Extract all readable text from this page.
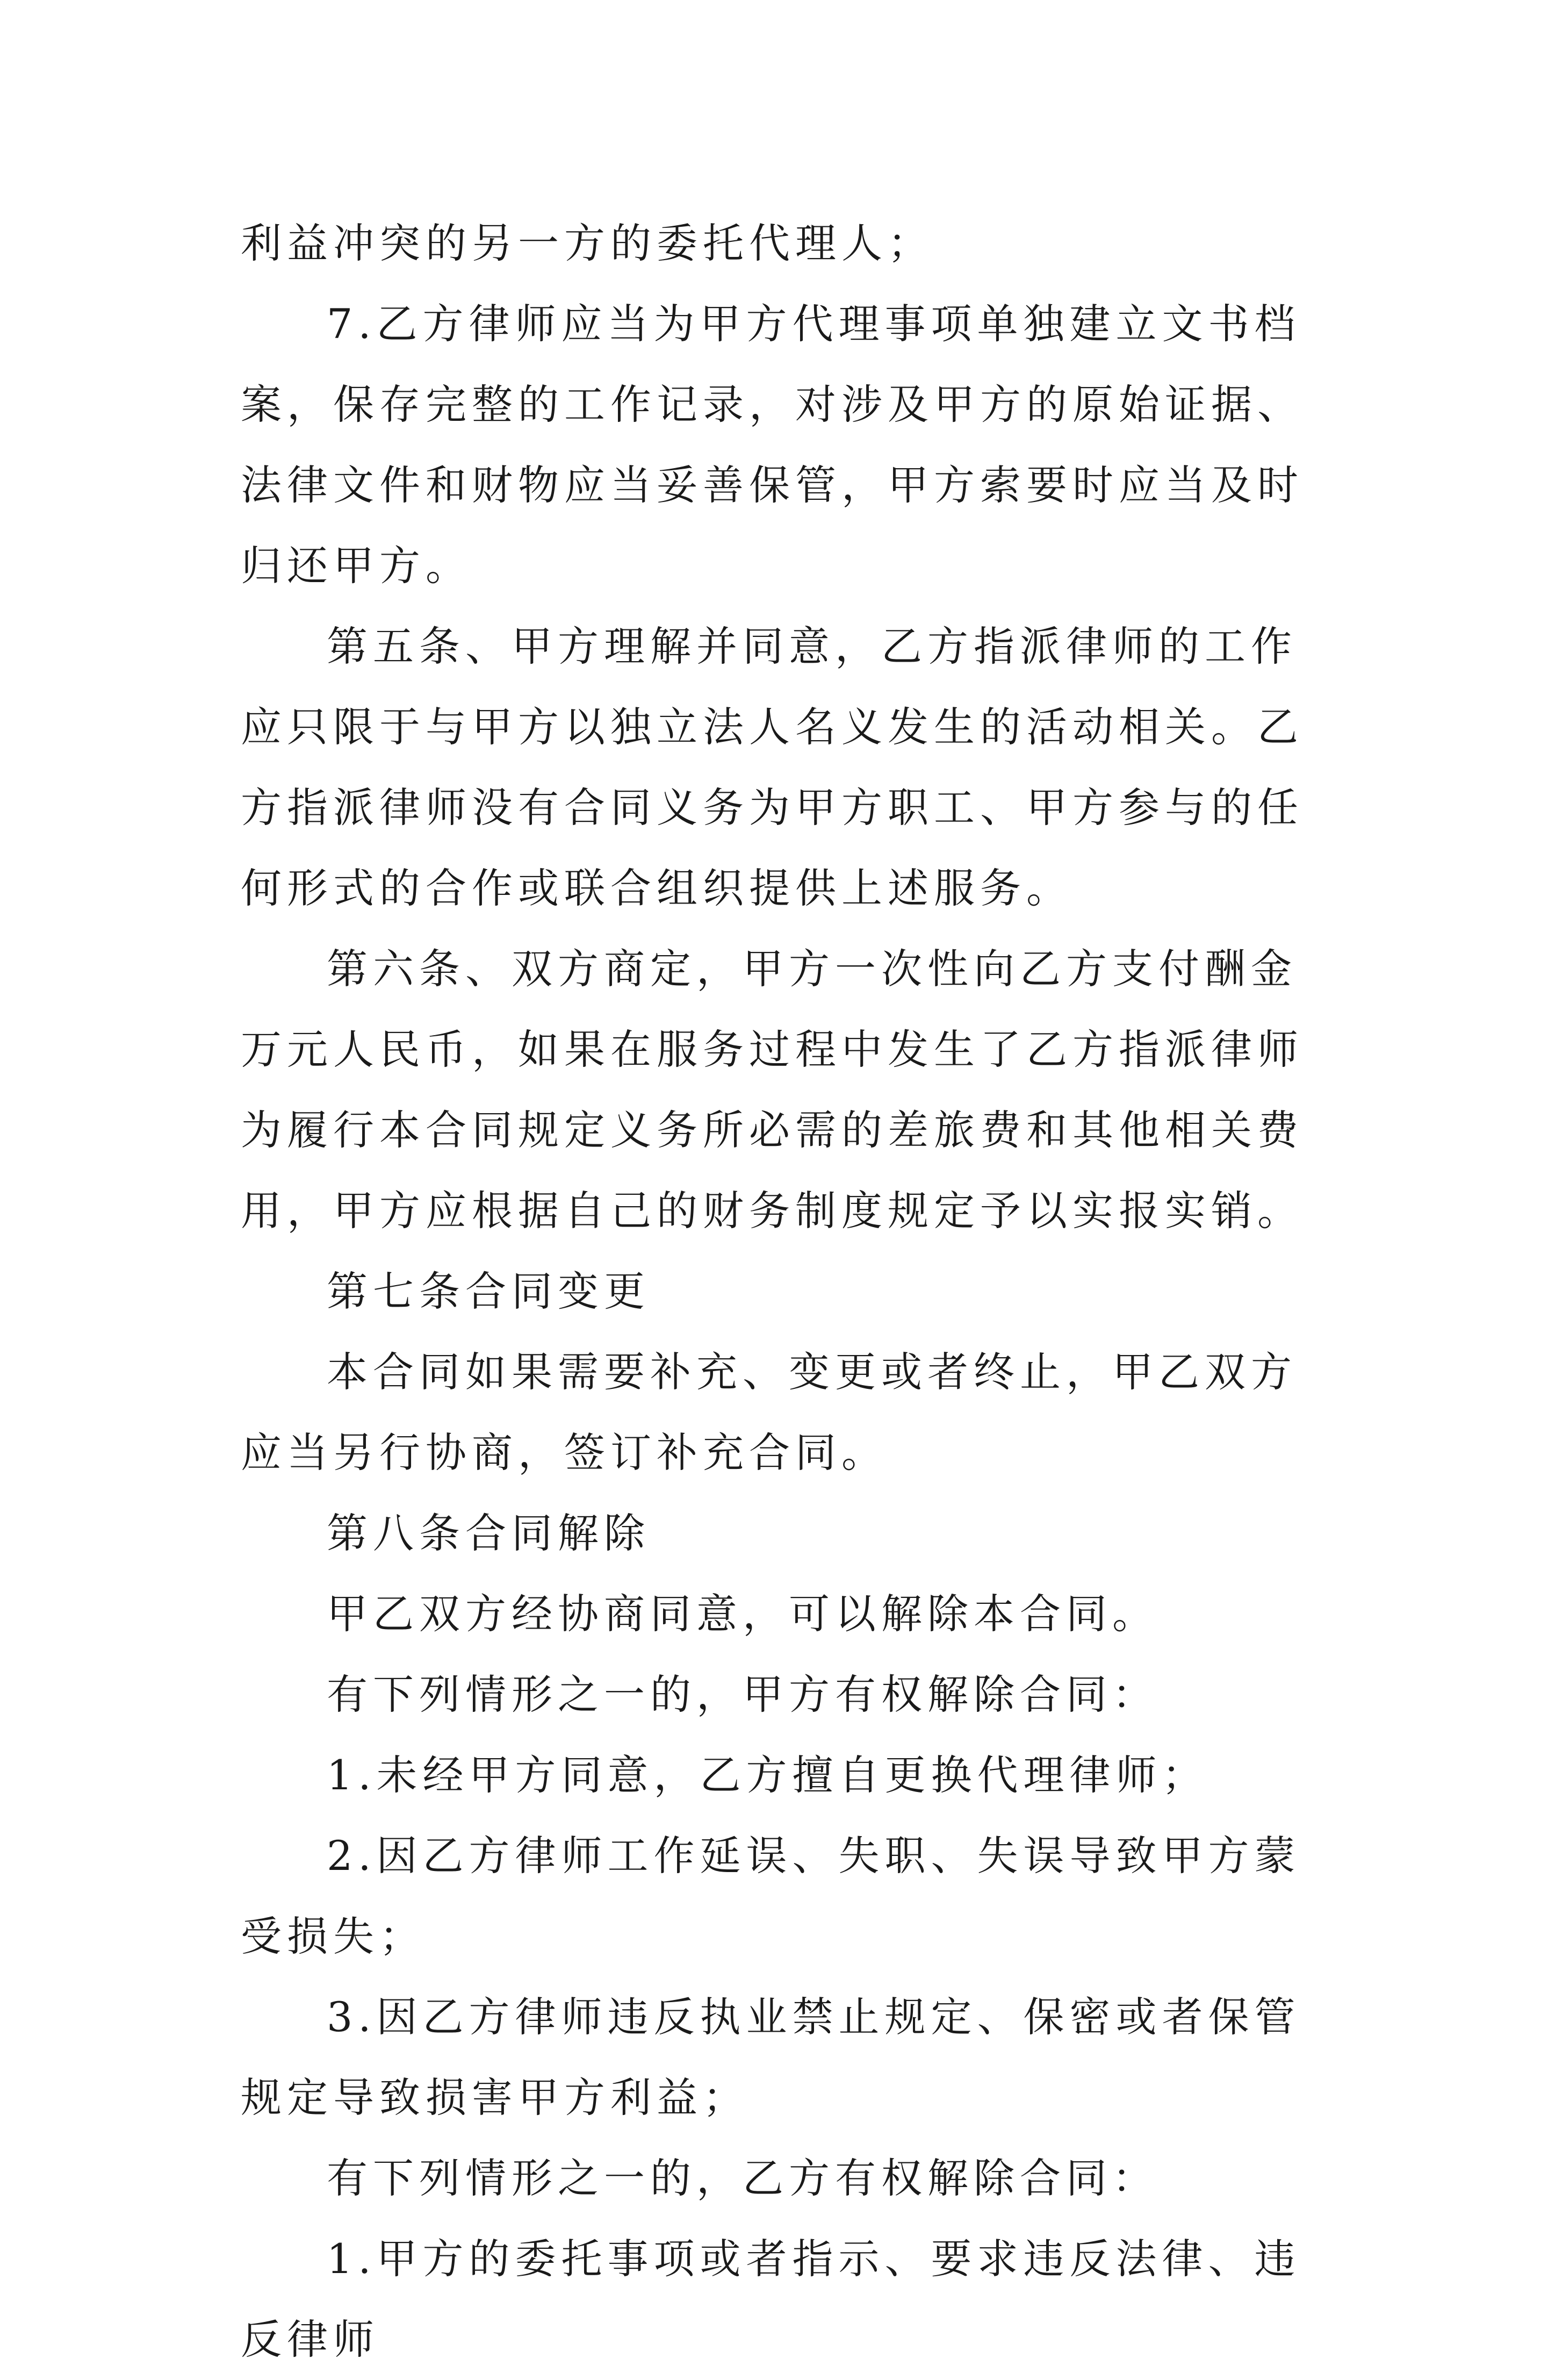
利益冲突的另一方的委托代理人；

7.乙方律师应当为甲方代理事项单独建立文书档案，保存完整的工作记录，对涉及甲方的原始证据、法律文件和财物应当妥善保管，甲方索要时应当及时归还甲方。

第五条、甲方理解并同意，乙方指派律师的工作应只限于与甲方以独立法人名义发生的活动相关。乙方指派律师没有合同义务为甲方职工、甲方参与的任何形式的合作或联合组织提供上述服务。

第六条、双方商定，甲方一次性向乙方支付酬金万元人民币，如果在服务过程中发生了乙方指派律师为履行本合同规定义务所必需的差旅费和其他相关费用，甲方应根据自己的财务制度规定予以实报实销。

第七条合同变更

本合同如果需要补充、变更或者终止，甲乙双方应当另行协商，签订补充合同。

第八条合同解除

甲乙双方经协商同意，可以解除本合同。

有下列情形之一的，甲方有权解除合同：

1.未经甲方同意，乙方擅自更换代理律师；

2.因乙方律师工作延误、失职、失误导致甲方蒙受损失；

3.因乙方律师违反执业禁止规定、保密或者保管规定导致损害甲方利益；

有下列情形之一的，乙方有权解除合同：

1.甲方的委托事项或者指示、要求违反法律、违反律师
